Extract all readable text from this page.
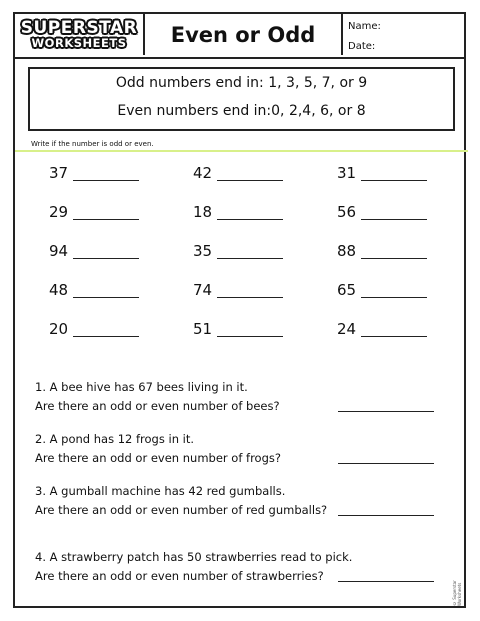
SUPERSTAR
WORKSHEETS	Even or Odd	Name:
Date:
Odd numbers end in: 1, 3, 5, 7, or 9
Even numbers end in:0, 2,4, 6, or 8
Write if the number is odd or even.
37	42	31
29	18	56
94	35	88
48	74	65
20	51	24
1. A bee hive has 67 bees living in it.
Are there an odd or even number of bees?
2. A pond has 12 frogs in it.
Are there an odd or even number of frogs?
3. A gumball machine has 42 red gumballs.
Are there an odd or even number of red gumballs?
4. A strawberry patch has 50 strawberries read to pick.
Are there an odd or even number of strawberries?
© Superstar Worksheets
